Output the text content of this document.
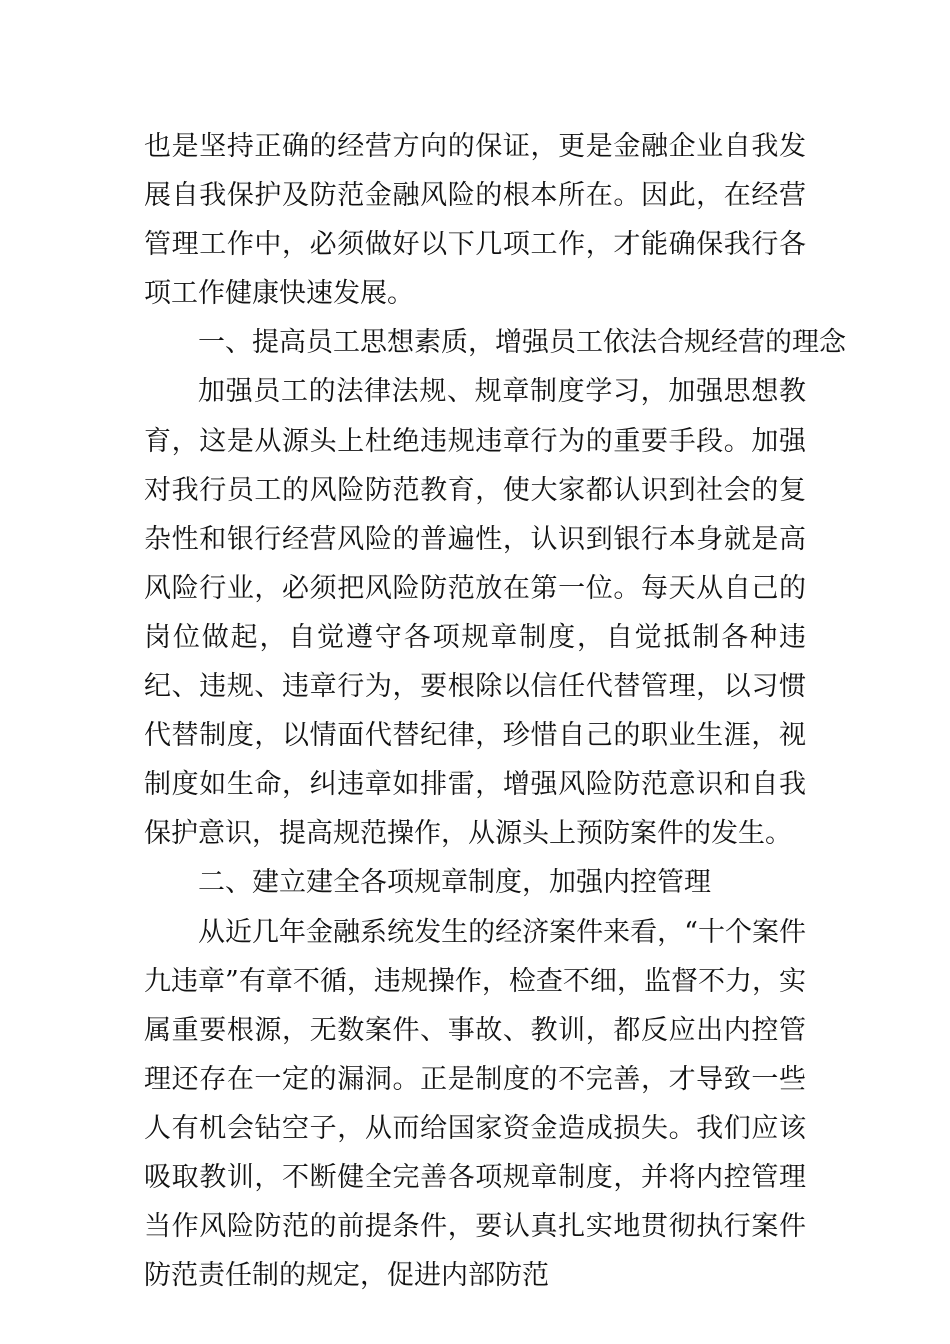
也是坚持正确的经营方向的保证，更是金融企业自我发展自我保护及防范金融风险的根本所在。因此，在经营管理工作中，必须做好以下几项工作，才能确保我行各项工作健康快速发展。

一、提高员工思想素质，增强员工依法合规经营的理念

加强员工的法律法规、规章制度学习，加强思想教育，这是从源头上杜绝违规违章行为的重要手段。加强对我行员工的风险防范教育，使大家都认识到社会的复杂性和银行经营风险的普遍性，认识到银行本身就是高风险行业，必须把风险防范放在第一位。每天从自己的岗位做起，自觉遵守各项规章制度，自觉抵制各种违纪、违规、违章行为，要根除以信任代替管理，以习惯代替制度，以情面代替纪律，珍惜自己的职业生涯，视制度如生命，纠违章如排雷，增强风险防范意识和自我保护意识，提高规范操作，从源头上预防案件的发生。

二、建立建全各项规章制度，加强内控管理

从近几年金融系统发生的经济案件来看，“十个案件九违章”有章不循，违规操作，检查不细，监督不力，实属重要根源，无数案件、事故、教训，都反应出内控管理还存在一定的漏洞。正是制度的不完善，才导致一些人有机会钻空子，从而给国家资金造成损失。我们应该吸取教训，不断健全完善各项规章制度，并将内控管理当作风险防范的前提条件，要认真扎实地贯彻执行案件防范责任制的规定，促进内部防范
